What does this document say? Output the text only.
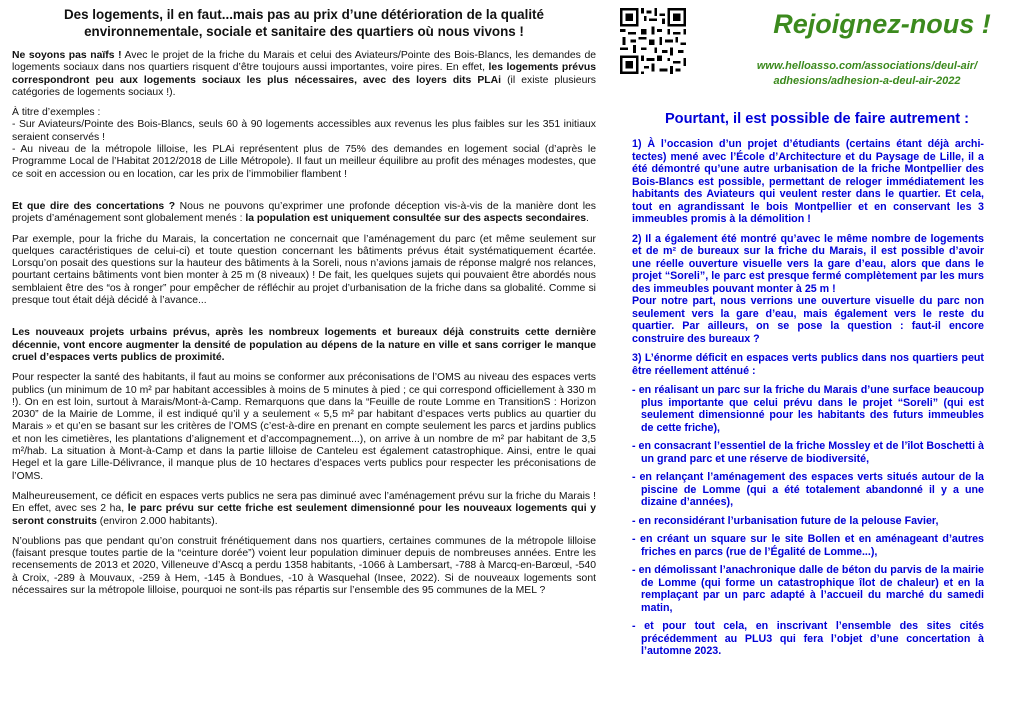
Des logements, il en faut...mais pas au prix d’une détérioration de la qualité environnementale, sociale et sanitaire des quartiers où nous vivons !

Ne soyons pas naïfs ! Avec le projet de la friche du Marais et celui des Aviateurs/Pointe des Bois-Blancs, les demandes de logements sociaux dans nos quartiers risquent d’être toujours aussi importantes, voire pires. En effet, les logements prévus correspondront peu aux logements sociaux les plus nécessaires, avec des loyers dits PLAi (il existe plusieurs catégories de logements sociaux !).

À titre d’exemples :
- Sur Aviateurs/Pointe des Bois-Blancs, seuls 60 à 90 logements accessibles aux revenus les plus faibles sur les 351 initiaux seraient conservés !
- Au niveau de la métropole lilloise, les PLAi représentent plus de 75% des demandes en logement social (d’après le Programme Local de l’Habitat 2012/2018 de Lille Métropole). Il faut un meilleur équilibre au profit des ménages modestes, que ce soit en accession ou en location, car les prix de l’immobilier flambent !

Et que dire des concertations ? Nous ne pouvons qu’exprimer une profonde déception vis-à-vis de la manière dont les projets d’aménagement sont globalement menés : la population est uniquement consultée sur des aspects secondaires.

Par exemple, pour la friche du Marais, la concertation ne concernait que l’aménagement du parc (et même seulement sur quelques caractéristiques de celui-ci) et toute question concernant les bâtiments prévus était systématiquement écartée. Lorsqu’on posait des questions sur la hauteur des bâtiments à la Soreli, nous n’avions jamais de réponse malgré nos relances, pourtant certains bâtiments vont bien monter à 25 m (8 niveaux) ! De fait, les quelques sujets qui pouvaient être abordés nous semblaient être des “os à ronger” pour empêcher de réfléchir au projet d’urbanisation de la friche dans sa globalité. Comme si presque tout était déjà décidé à l’avance...

Les nouveaux projets urbains prévus, après les nombreux logements et bureaux déjà construits cette dernière décennie, vont encore augmenter la densité de population au dépens de la nature en ville et sans corriger le manque cruel d’espaces verts publics de proximité.

Pour respecter la santé des habitants, il faut au moins se conformer aux préconisations de l’OMS au niveau des espaces verts publics (un minimum de 10 m² par habitant accessibles à moins de 5 minutes à pied ; ce qui correspond officiellement à 330 m !). On en est loin, surtout à Marais/Mont-à-Camp. Remarquons que dans la “Feuille de route Lomme en TransitionS : Horizon 2030” de la Mairie de Lomme, il est indiqué qu’il y a seulement « 5,5 m² par habitant d’espaces verts publics au quartier du Marais » et qu’en se basant sur les critères de l’OMS (c’est-à-dire en prenant en compte seulement les parcs et jardins publics et non les cimetières, les plantations d’alignement et d’accompagnement...), on arrive à un nombre de m² par habitant de 3,5 m²/hab. La situation à Mont-à-Camp et dans la partie lilloise de Canteleu est également catastrophique. Ainsi, entre le quai Hegel et la gare Lille-Délivrance, il manque plus de 10 hectares d’espaces verts publics pour respecter les préconisations de l’OMS.

Malheureusement, ce déficit en espaces verts publics ne sera pas diminué avec l’aménagement prévu sur la friche du Marais ! En effet, avec ses 2 ha, le parc prévu sur cette friche est seulement dimensionné pour les nouveaux logements qui y seront construits (environ 2.000 habitants).

N’oublions pas que pendant qu’on construit frénétiquement dans nos quartiers, certaines communes de la métropole lilloise (faisant presque toutes partie de la “ceinture dorée”) voient leur population diminuer depuis de nombreuses années. Entre les recensements de 2013 et 2020, Villeneuve d’Ascq a perdu 1358 habitants, -1066 à Lambersart, -788 à Marcq-en-Barœul, -540 à Croix, -289 à Mouvaux, -259 à Hem, -145 à Bondues, -10 à Wasquehal (Insee, 2022). Si de nouveaux logements sont nécessaires sur la métropole lilloise, pourquoi ne sont-ils pas répartis sur l’ensemble des 95 communes de la MEL ?

Rejoignez-nous !
www.helloasso.com/associations/deul-air/
adhesions/adhesion-a-deul-air-2022
Pourtant, il est possible de faire autrement :

1) À l’occasion d’un projet d’étudiants (certains étant déjà archi-tectes) mené avec l’École d’Architecture et du Paysage de Lille, il a été démontré qu’une autre urbanisation de la friche Montpellier des Bois-Blancs est possible, permettant de reloger immédiatement les habitants des Aviateurs qui veulent rester dans le quartier. Et cela, tout en agrandissant le bois Montpellier et en conservant les 3 immeubles promis à la démolition !

2) Il a également été montré qu’avec le même nombre de logements et de m² de bureaux sur la friche du Marais, il est possible d’avoir une réelle ouverture visuelle vers la gare d’eau, alors que dans le projet “Soreli”, le parc est presque fermé complètement par les murs des immeubles pouvant monter à 25 m !

Pour notre part, nous verrions une ouverture visuelle du parc non seulement vers la gare d’eau, mais également vers le reste du quartier. Par ailleurs, on se pose la question : faut-il encore construire des bureaux ?

3) L’énorme déficit en espaces verts publics dans nos quartiers peut être réellement atténué :

- en réalisant un parc sur la friche du Marais d’une surface beaucoup plus importante que celui prévu dans le projet “Soreli” (qui est seulement dimensionné pour les habitants des futurs immeubles de cette friche),
- en consacrant l’essentiel de la friche Mossley et de l’îlot Boschetti à un grand parc et une réserve de biodiversité,
- en relançant l’aménagement des espaces verts situés autour de la piscine de Lomme (qui a été totalement abandonné il y a une dizaine d’années),
- en reconsidérant l’urbanisation future de la pelouse Favier,
- en créant un square sur le site Bollen et en aménageant d’autres friches en parcs (rue de l’Égalité de Lomme...),
- en démolissant l’anachronique dalle de béton du parvis de la mairie de Lomme (qui forme un catastrophique îlot de chaleur) et en la remplaçant par un parc adapté à l’accueil du marché du samedi matin,
- et pour tout cela, en inscrivant l’ensemble des sites cités précédemment au PLU3 qui fera l’objet d’une concertation à l’automne 2023.
